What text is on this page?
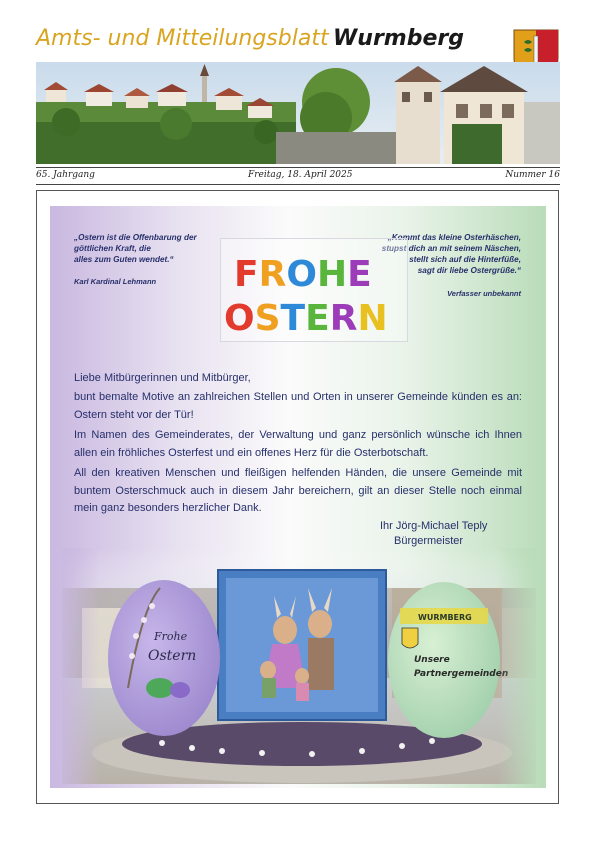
Amts- und Mitteilungsblatt Wurmberg
65. Jahrgang	Freitag, 18. April 2025	Nummer 16
„Ostern ist die Offenbarung der
göttlichen Kraft, die
alles zum Guten wendet.“
Karl Kardinal Lehmann
„Kommt das kleine Osterhäschen,
stupst dich an mit seinem Näschen,
stellt sich auf die Hinterfüße,
sagt dir liebe Ostergrüße.“
Verfasser unbekannt
FROHE
OSTERN
Liebe Mitbürgerinnen und Mitbürger,
bunt bemalte Motive an zahlreichen Stellen und Orten in unserer Gemeinde künden es an: Ostern steht vor der Tür!
Im Namen des Gemeinderates, der Verwaltung und ganz persönlich wünsche ich Ihnen allen ein fröhliches Osterfest und ein offenes Herz für die Osterbotschaft.
All den kreativen Menschen und fleißigen helfenden Händen, die unsere Gemeinde mit buntem Osterschmuck auch in diesem Jahr bereichern, gilt an dieser Stelle noch einmal mein ganz besonders herzlicher Dank.
Ihr Jörg-Michael Teply
Bürgermeister
